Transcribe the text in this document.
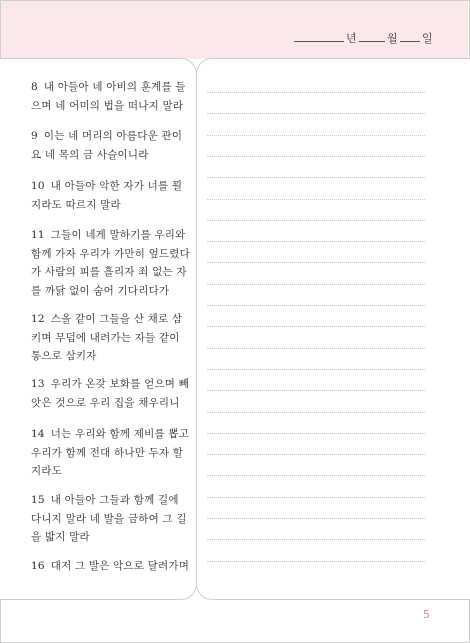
년	월 일
8 내 아들아 네 아비의 훈계를 들으며 네 어미의 법을 떠나지 말라
9 이는 네 머리의 아름다운 관이요 네 목의 금 사슬이니라
10 내 아들아 악한 자가 너를 꾈지라도 따르지 말라
11 그들이 네게 말하기를 우리와 함께 가자 우리가 가만히 엎드렸다가 사람의 피를 흘리자 죄 없는 자를 까닭 없이 숨어 기다리다가
12 스올 같이 그들을 산 채로 삼키며 무덤에 내려가는 자들 같이 통으로 삼키자
13 우리가 온갖 보화를 얻으며 빼앗은 것으로 우리 집을 채우리니
14 너는 우리와 함께 제비를 뽑고 우리가 함께 전대 하나만 두자 할지라도
15 내 아들아 그들과 함께 길에 다니지 말라 네 발을 금하여 그 길을 밟지 말라
16 대저 그 발은 악으로 달려가며
5
